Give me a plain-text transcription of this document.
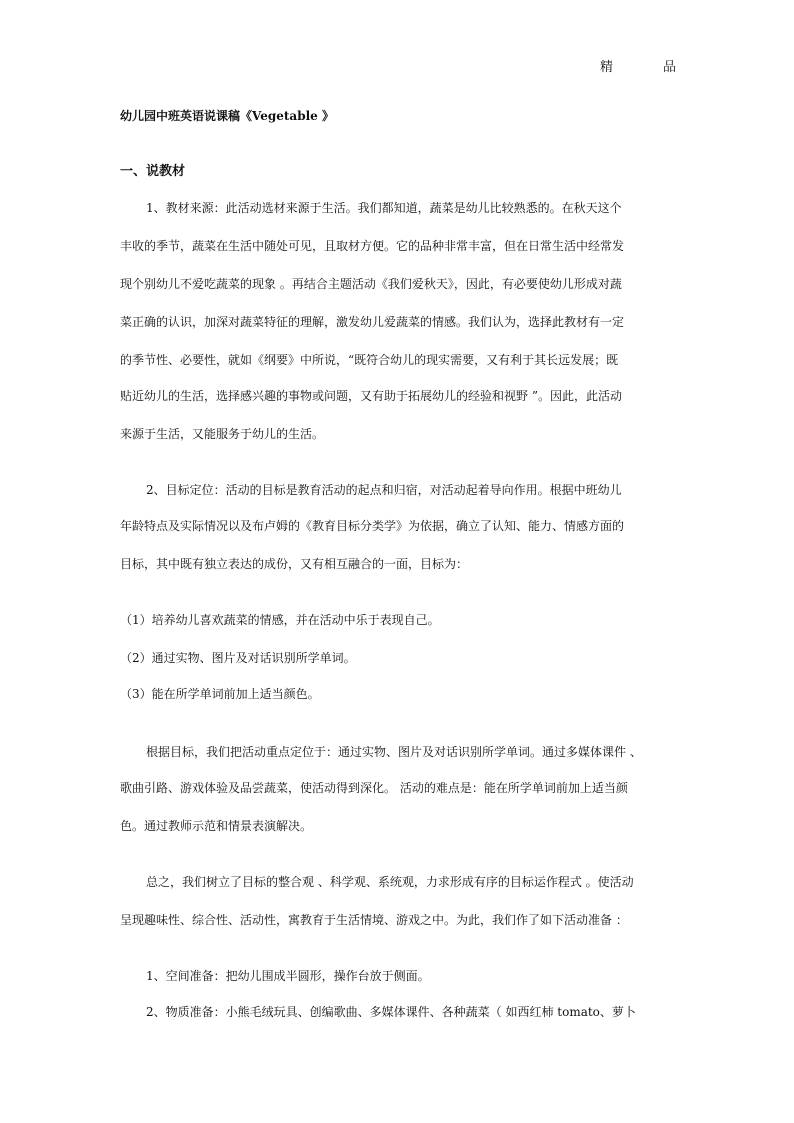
精	品
幼儿园中班英语说课稿《Vegetable 》
一、说教材
1、教材来源：此活动选材来源于生活。我们都知道，蔬菜是幼儿比较熟悉的。在秋天这个
丰收的季节，蔬菜在生活中随处可见，且取材方便。它的品种非常丰富，但在日常生活中经常发
现个别幼儿不爱吃蔬菜的现象 。再结合主题活动《我们爱秋天》，因此，有必要使幼儿形成对蔬
菜正确的认识，加深对蔬菜特征的理解，激发幼儿爱蔬菜的情感。我们认为，选择此教材有一定
的季节性、必要性，就如《纲要》中所说，“既符合幼儿的现实需要，又有利于其长远发展；既
贴近幼儿的生活，选择感兴趣的事物或问题，又有助于拓展幼儿的经验和视野 ”。因此，此活动
来源于生活，又能服务于幼儿的生活。
2、目标定位：活动的目标是教育活动的起点和归宿，对活动起着导向作用。根据中班幼儿
年龄特点及实际情况以及布卢姆的《教育目标分类学》为依据，确立了认知、能力、情感方面的
目标，其中既有独立表达的成份，又有相互融合的一面，目标为：
（1）培养幼儿喜欢蔬菜的情感，并在活动中乐于表现自己。
（2）通过实物、图片及对话识别所学单词。
（3）能在所学单词前加上适当颜色。
根据目标，我们把活动重点定位于：通过实物、图片及对话识别所学单词。通过多媒体课件 、
歌曲引路、游戏体验及品尝蔬菜，使活动得到深化。 活动的难点是：能在所学单词前加上适当颜
色。通过教师示范和情景表演解决。
总之，我们树立了目标的整合观 、科学观、系统观，力求形成有序的目标运作程式 。使活动
呈现趣味性、综合性、活动性，寓教育于生活情境、游戏之中。为此，我们作了如下活动准备 ：
1、空间准备：把幼儿围成半圆形，操作台放于侧面。
2、物质准备：小熊毛绒玩具、创编歌曲、多媒体课件、各种蔬菜（ 如西红柿 tomato、萝卜
